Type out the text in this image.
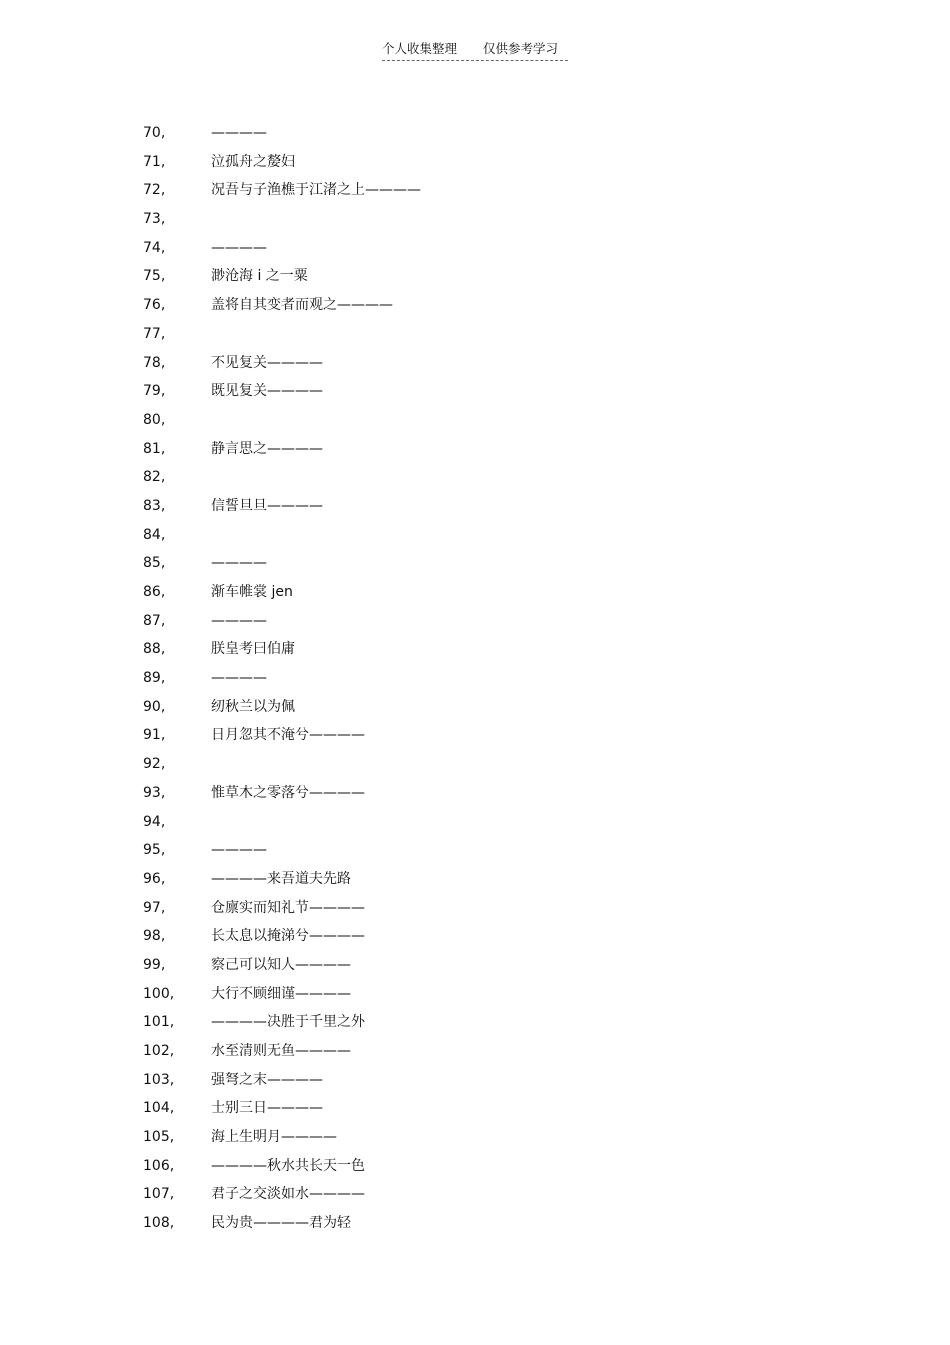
个人收集整理 仅供参考学习
70,	————
71,	泣孤舟之嫠妇
72,	况吾与子渔樵于江渚之上————
73,
74,	————
75,	渺沧海 i 之一粟
76,	盖将自其变者而观之————
77,
78,	不见复关————
79,	既见复关————
80,
81,	静言思之————
82,
83,	信誓旦旦————
84,
85,	————
86,	渐车帷裳 jen
87,	————
88,	朕皇考曰伯庸
89,	————
90,	纫秋兰以为佩
91,	日月忽其不淹兮————
92,
93,	惟草木之零落兮————
94,
95,	————
96,	————来吾道夫先路
97,	仓廪实而知礼节————
98,	长太息以掩涕兮————
99,	察己可以知人————
100,	大行不顾细谨————
101,	————决胜于千里之外
102,	水至清则无鱼————
103,	强弩之末————
104,	士别三日————
105,	海上生明月————
106,	————秋水共长天一色
107,	君子之交淡如水————
108,	民为贵————君为轻
